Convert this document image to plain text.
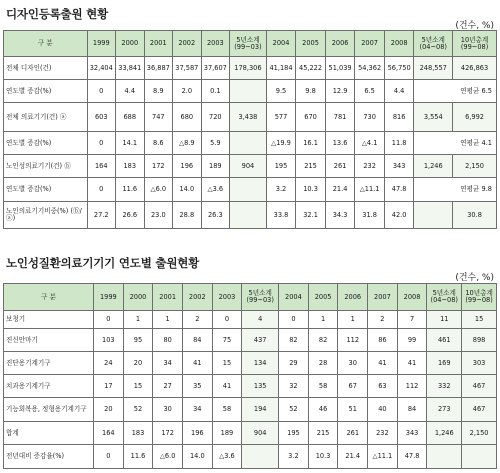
디자인등록출원 현황
(건수, %)
구 분	1999	2000	2001	2002	2003	5년소계 (99~03)	2004	2005	2006	2007	2008	5년소계 (04~08)	10년총계 (99~08)
전체 디자인(건)	32,404	33,841	36,887	37,587	37,607	178,306	41,184	45,222	51,039	54,362	56,750	248,557	426,863
연도별 증감(%)	0	4.4	8.9	2.0	0.1		9.5	9.8	12.9	6.5	4.4	연평균 6.5	
전체 의료기기(건) ⓐ	603	688	747	680	720	3,438	577	670	781	730	816	3,554	6,992
연도별 증감(%)	0	14.1	8.6	△8.9	5.9		△19.9	16.1	13.6	△4.1	11.8	연평균 4.1	
노인성의료기기(건) ⓑ	164	183	172	196	189	904	195	215	261	232	343	1,246	2,150
연도별 증감(%)	0	11.6	△6.0	14.0	△3.6		3.2	10.3	21.4	△11.1	47.8	연평균 9.8	
노인의료기기비중(%) (ⓑ/ⓐ)	27.2	26.6	23.0	28.8	26.3		33.8	32.1	34.3	31.8	42.0		30.8
노인성질환의료기기기 연도별 출원현황
(건수, %)
구 분	1999	2000	2001	2002	2003	5년소계 (99~03)	2004	2005	2006	2007	2008	5년소계 (04~08)	10년총계 (99~08)
보청기	0	1	1	2	0	4	0	1	1	2	7	11	15
진신안마기	103	95	80	84	75	437	82	82	112	86	99	461	898
진단용기계기구	24	20	34	41	15	134	29	28	30	41	41	169	303
치과용기계기구	17	15	27	35	41	135	32	58	67	63	112	332	467
기능회복용, 정형용기계기구	20	52	30	34	58	194	52	46	51	40	84	273	467
합계	164	183	172	196	189	904	195	215	261	232	343	1,246	2,150
전년대비 증감율(%)	0	11.6	△6.0	14.0	△3.6		3.2	10.3	21.4	△11.1	47.8		
